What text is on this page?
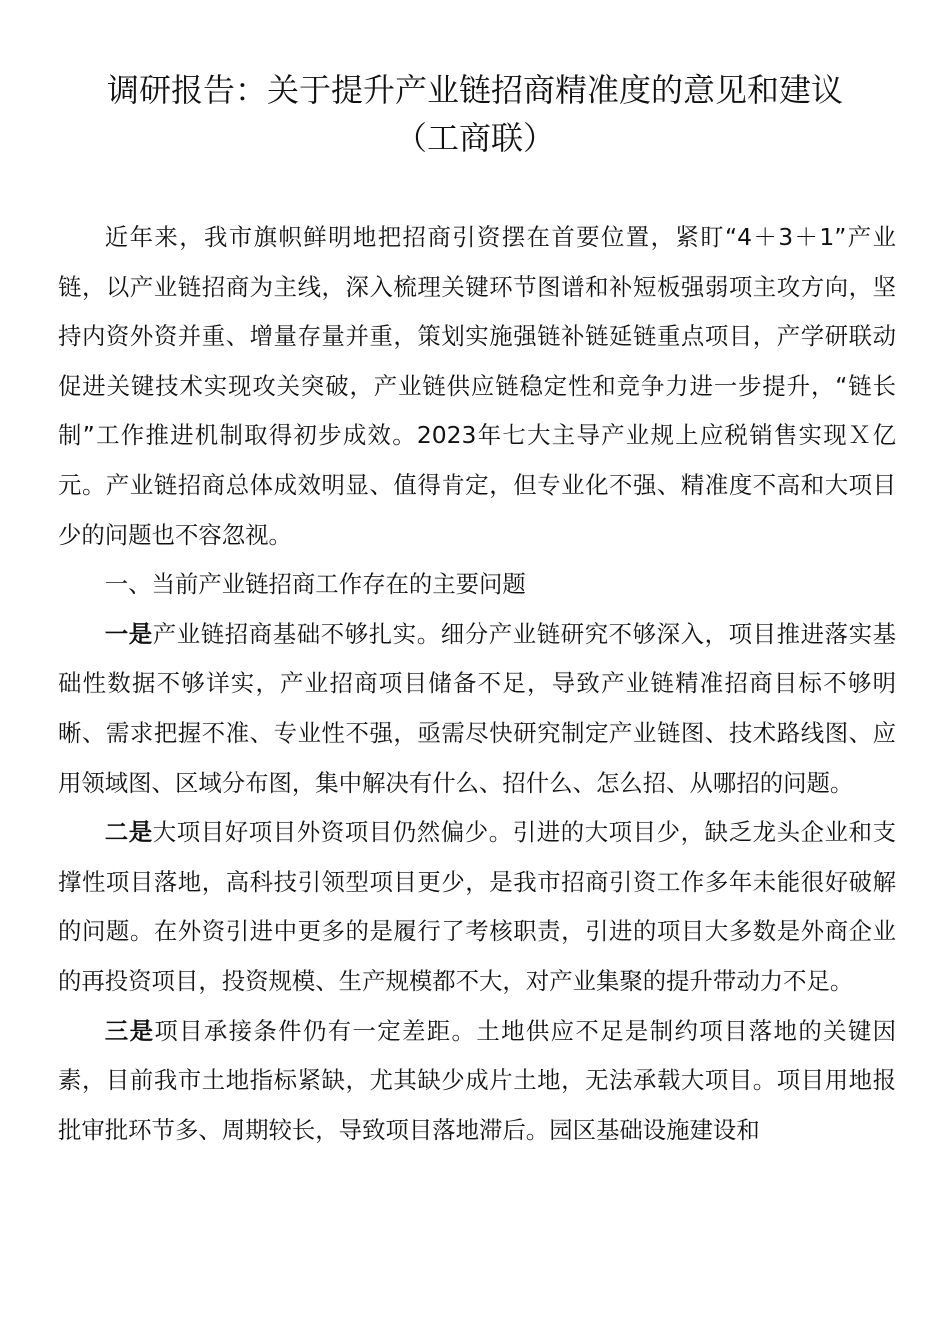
调研报告：关于提升产业链招商精准度的意见和建议
（工商联）

近年来，我市旗帜鲜明地把招商引资摆在首要位置，紧盯“4＋3＋1”产业链，以产业链招商为主线，深入梳理关键环节图谱和补短板强弱项主攻方向，坚持内资外资并重、增量存量并重，策划实施强链补链延链重点项目，产学研联动促进关键技术实现攻关突破，产业链供应链稳定性和竞争力进一步提升，“链长制”工作推进机制取得初步成效。2023年七大主导产业规上应税销售实现Ｘ亿元。产业链招商总体成效明显、值得肯定，但专业化不强、精准度不高和大项目少的问题也不容忽视。

一、当前产业链招商工作存在的主要问题

一是产业链招商基础不够扎实。细分产业链研究不够深入，项目推进落实基础性数据不够详实，产业招商项目储备不足，导致产业链精准招商目标不够明晰、需求把握不准、专业性不强，亟需尽快研究制定产业链图、技术路线图、应用领域图、区域分布图，集中解决有什么、招什么、怎么招、从哪招的问题。

二是大项目好项目外资项目仍然偏少。引进的大项目少，缺乏龙头企业和支撑性项目落地，高科技引领型项目更少，是我市招商引资工作多年未能很好破解的问题。在外资引进中更多的是履行了考核职责，引进的项目大多数是外商企业的再投资项目，投资规模、生产规模都不大，对产业集聚的提升带动力不足。

三是项目承接条件仍有一定差距。土地供应不足是制约项目落地的关键因素，目前我市土地指标紧缺，尤其缺少成片土地，无法承载大项目。项目用地报批审批环节多、周期较长，导致项目落地滞后。园区基础设施建设和
